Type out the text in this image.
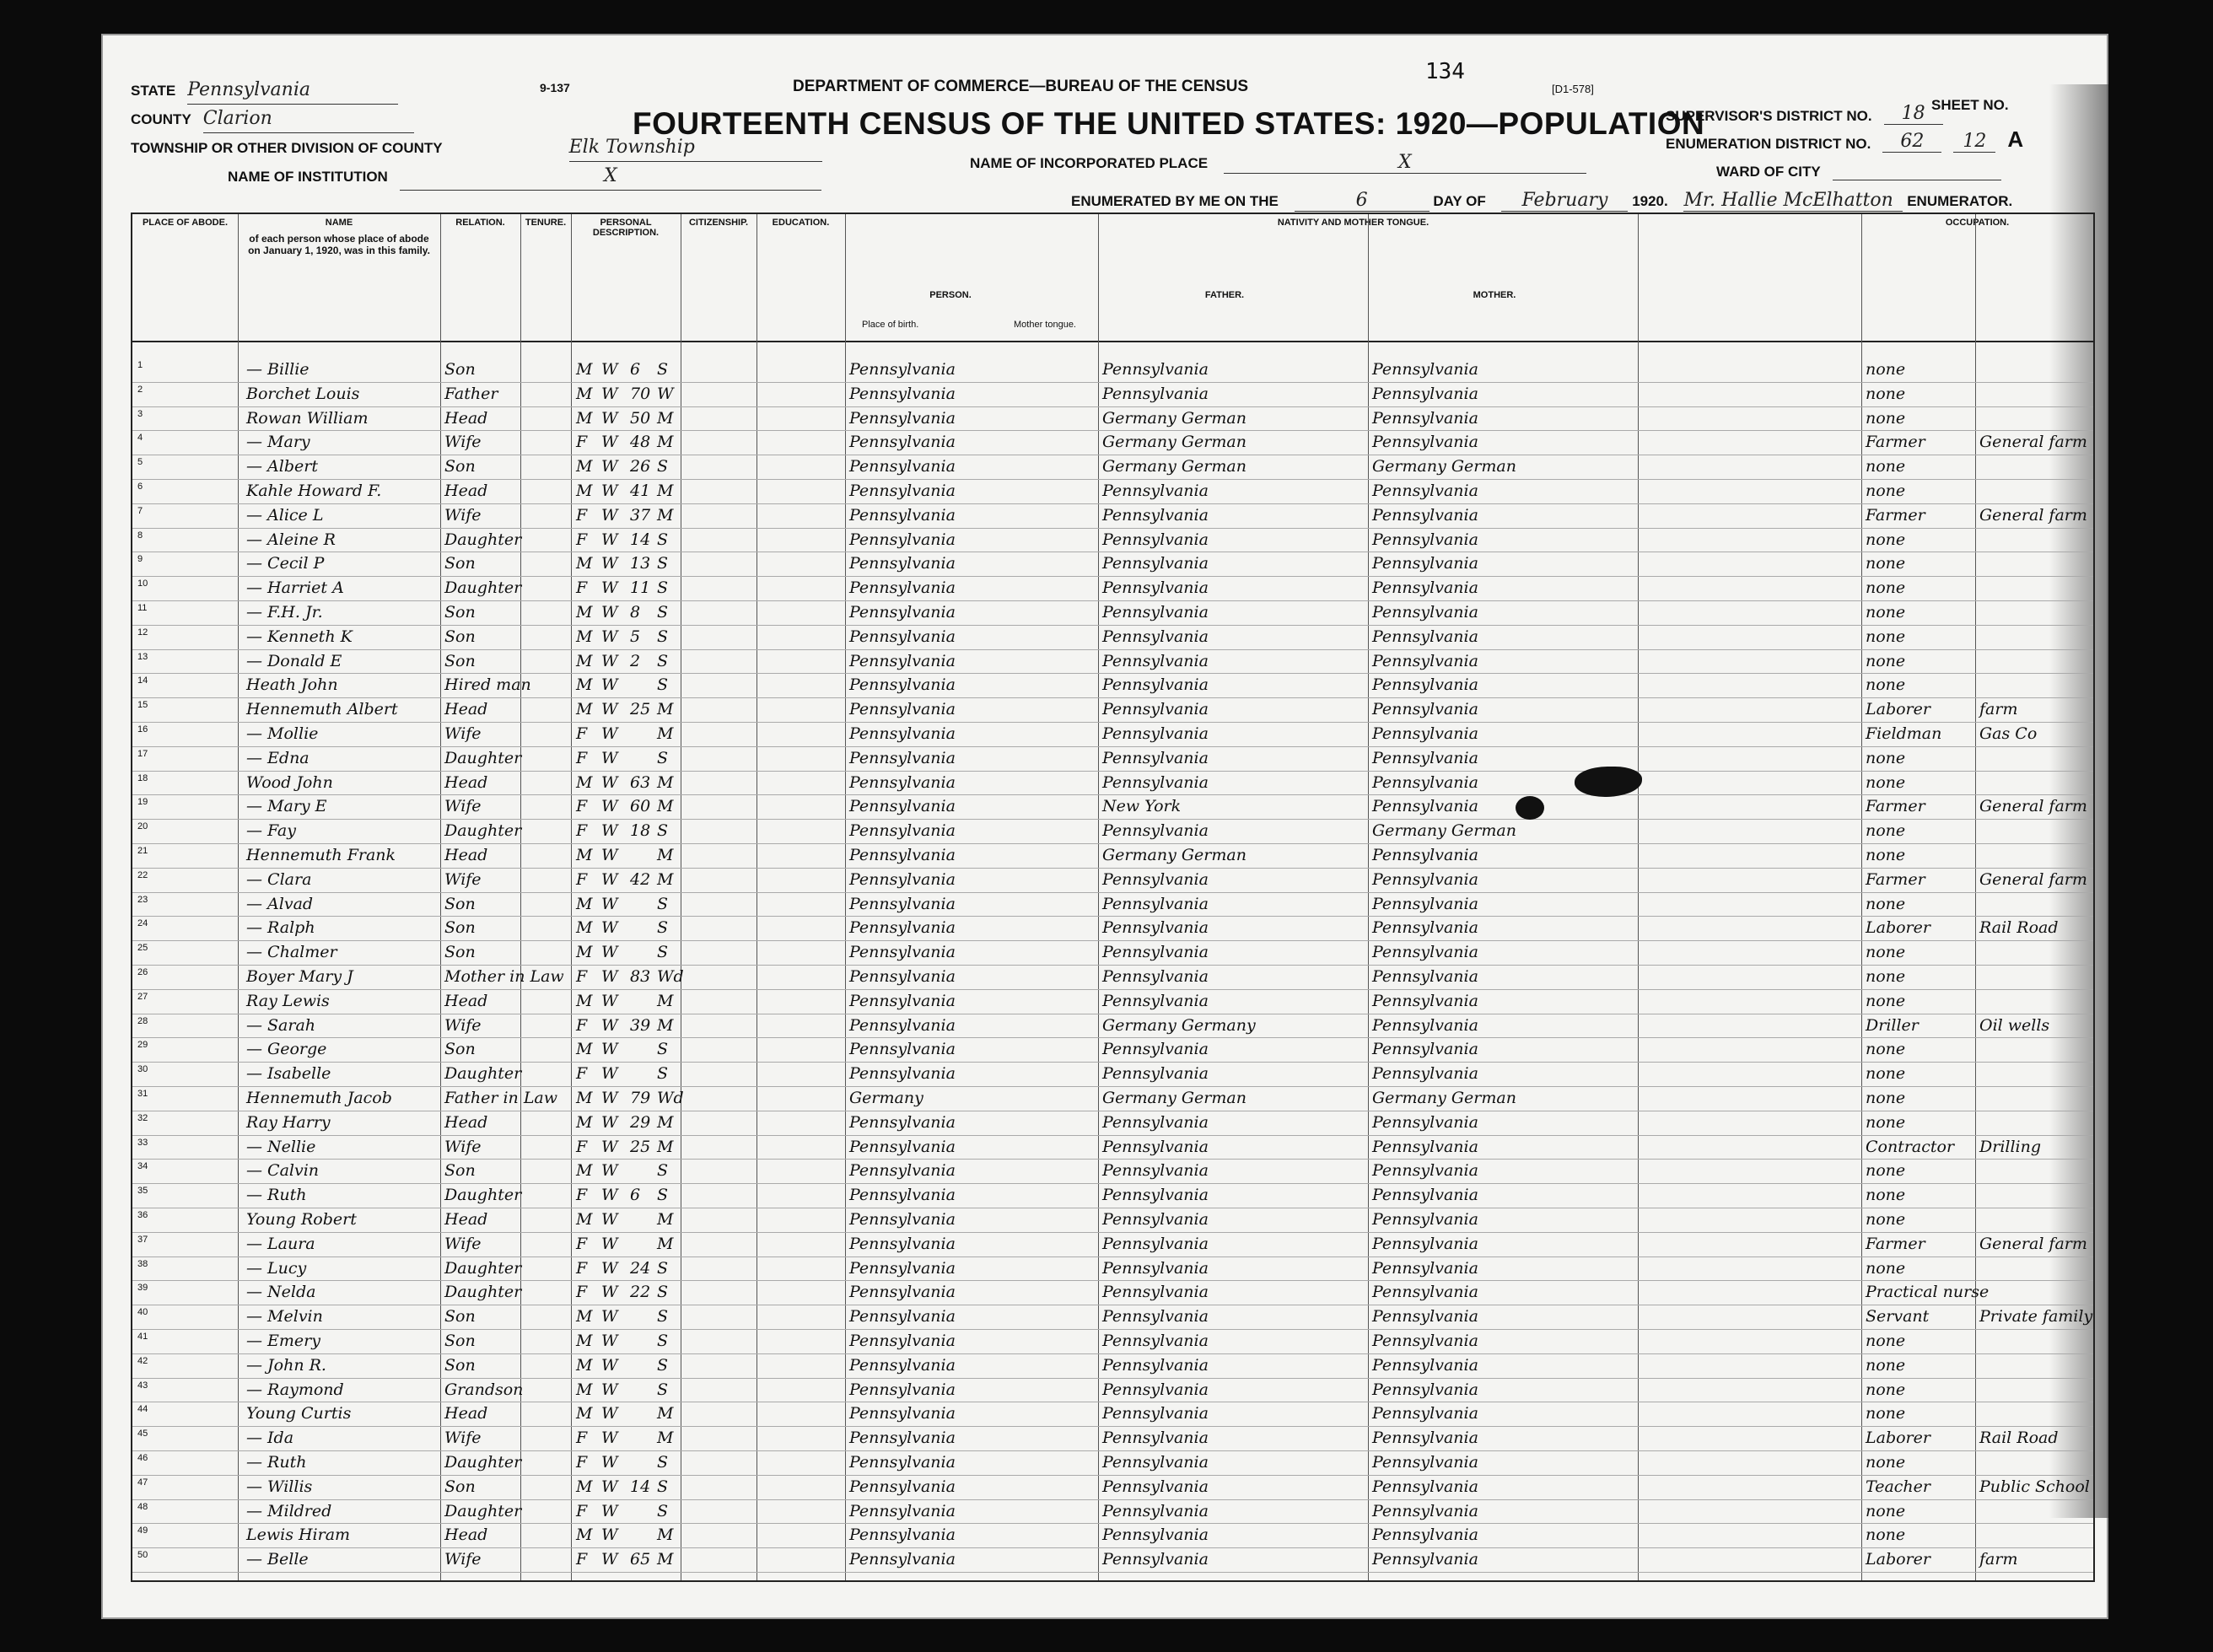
9-137	DEPARTMENT OF COMMERCE—BUREAU OF THE CENSUS
134
[D1-578]
FOURTEENTH CENSUS OF THE UNITED STATES: 1920—POPULATION
STATE Pennsylvania
COUNTY Clarion
TOWNSHIP OR OTHER DIVISION OF COUNTY	Elk Township
NAME OF INSTITUTION	X
NAME OF INCORPORATED PLACE	X
ENUMERATED BY ME ON THE	6	DAY OF February 1920. Mr. Hallie McElhatton ENUMERATOR.
SUPERVISOR'S DISTRICT NO.	18
ENUMERATION DISTRICT NO.	62	12 A
SHEET NO.
WARD OF CITY
PLACE OF ABODE.	NAME
of each person whose place of abode on January 1, 1920, was in this family.
RELATION.	TENURE.	PERSONAL DESCRIPTION.
CITIZENSHIP.	EDUCATION.	NATIVITY AND MOTHER TONGUE.
PERSON.	FATHER.	MOTHER.
Place of birth.	Mother tongue.
OCCUPATION.
1	— Billie	Son	M W 6 S	Pennsylvania	Pennsylvania	Pennsylvania	none
2	Borchet Louis	Father	M W 70 W	Pennsylvania	Pennsylvania	Pennsylvania	none
3	Rowan William	Head	M W 50 M	Pennsylvania	Germany German	Pennsylvania	none
4	— Mary	Wife	F W 48 M	Pennsylvania	Germany German	Pennsylvania	Farmer	General farm
5	— Albert	Son	M W 26 S	Pennsylvania	Germany German	Germany German	none
6	Kahle Howard F.	Head	M W 41 M	Pennsylvania	Pennsylvania	Pennsylvania	none
7	— Alice L	Wife	F W 37 M	Pennsylvania	Pennsylvania	Pennsylvania	Farmer	General farm
8	— Aleine R	Daughter	F W 14 S	Pennsylvania	Pennsylvania	Pennsylvania	none
9	— Cecil P	Son	M W 13 S	Pennsylvania	Pennsylvania	Pennsylvania	none
10	— Harriet A	Daughter	F W 11 S	Pennsylvania	Pennsylvania	Pennsylvania	none
11	— F.H. Jr.	Son	M W 8 S	Pennsylvania	Pennsylvania	Pennsylvania	none
12	— Kenneth K	Son	M W 5 S	Pennsylvania	Pennsylvania	Pennsylvania	none
13	— Donald E	Son	M W 2 S	Pennsylvania	Pennsylvania	Pennsylvania	none
14	Heath John	Hired man	M W S	Pennsylvania	Pennsylvania	Pennsylvania	none
15	Hennemuth Albert	Head	M W 25 M	Pennsylvania	Pennsylvania	Pennsylvania	Laborer	farm
16	— Mollie	Wife	F W M	Pennsylvania	Pennsylvania	Pennsylvania	Fieldman Gas Co
17	— Edna	Daughter	F W S	Pennsylvania	Pennsylvania	Pennsylvania	none
18	Wood John	Head	M W 63 M	Pennsylvania	Pennsylvania	Pennsylvania	none
19	— Mary E	Wife	F W 60 M	Pennsylvania	New York	Pennsylvania	Farmer	General farm
20	— Fay	Daughter	F W 18 S	Pennsylvania	Pennsylvania	Germany German	none
21	Hennemuth Frank	Head	M W M	Pennsylvania	Germany German	Pennsylvania	none
22	— Clara	Wife	F W 42 M	Pennsylvania	Pennsylvania	Pennsylvania	Farmer	General farm
23	— Alvad	Son	M W S	Pennsylvania	Pennsylvania	Pennsylvania	none
24	— Ralph	Son	M W S	Pennsylvania	Pennsylvania	Pennsylvania	Laborer	Rail Road
25	— Chalmer	Son	M W S	Pennsylvania	Pennsylvania	Pennsylvania	none
26	Boyer Mary J	Mother in Law F W 83 Wd	Pennsylvania	Pennsylvania	Pennsylvania	none
27	Ray Lewis	Head	M W M	Pennsylvania	Pennsylvania	Pennsylvania	none
28	— Sarah	Wife	F W 39 M	Pennsylvania	Germany Germany	Pennsylvania	Driller	Oil wells
29	— George	Son	M W S	Pennsylvania	Pennsylvania	Pennsylvania	none
30	— Isabelle	Daughter	F W S	Pennsylvania	Pennsylvania	Pennsylvania	none
31	Hennemuth Jacob	Father in Law M W 79 Wd	Germany	Germany German	Germany German	none
32	Ray Harry	Head	M W 29 M	Pennsylvania	Pennsylvania	Pennsylvania	none
33	— Nellie	Wife	F W 25 M	Pennsylvania	Pennsylvania	Pennsylvania	Contractor Drilling
34	— Calvin	Son	M W S	Pennsylvania	Pennsylvania	Pennsylvania	none
35	— Ruth	Daughter	F W 6 S	Pennsylvania	Pennsylvania	Pennsylvania	none
36	Young Robert	Head	M W M	Pennsylvania	Pennsylvania	Pennsylvania	none
37	— Laura	Wife	F W M	Pennsylvania	Pennsylvania	Pennsylvania	Farmer	General farm
38	— Lucy	Daughter	F W 24 S	Pennsylvania	Pennsylvania	Pennsylvania	none
39	— Nelda	Daughter	F W 22 S	Pennsylvania	Pennsylvania	Pennsylvania	Practical nurse
40	— Melvin	Son	M W S	Pennsylvania	Pennsylvania	Pennsylvania	Servant	Private family
41	— Emery	Son	M W S	Pennsylvania	Pennsylvania	Pennsylvania	none
42	— John R.	Son	M W S	Pennsylvania	Pennsylvania	Pennsylvania	none
43	— Raymond	Grandson	M W S	Pennsylvania	Pennsylvania	Pennsylvania	none
44	Young Curtis	Head	M W M	Pennsylvania	Pennsylvania	Pennsylvania	none
45	— Ida	Wife	F W M	Pennsylvania	Pennsylvania	Pennsylvania	Laborer	Rail Road
46	— Ruth	Daughter	F W S	Pennsylvania	Pennsylvania	Pennsylvania	none
47	— Willis	Son	M W 14 S	Pennsylvania	Pennsylvania	Pennsylvania	Teacher	Public School
48	— Mildred	Daughter	F W S	Pennsylvania	Pennsylvania	Pennsylvania	none
49	Lewis Hiram	Head	M W M	Pennsylvania	Pennsylvania	Pennsylvania	none
50	— Belle	Wife	F W 65 M	Pennsylvania	Pennsylvania	Pennsylvania	Laborer	farm
